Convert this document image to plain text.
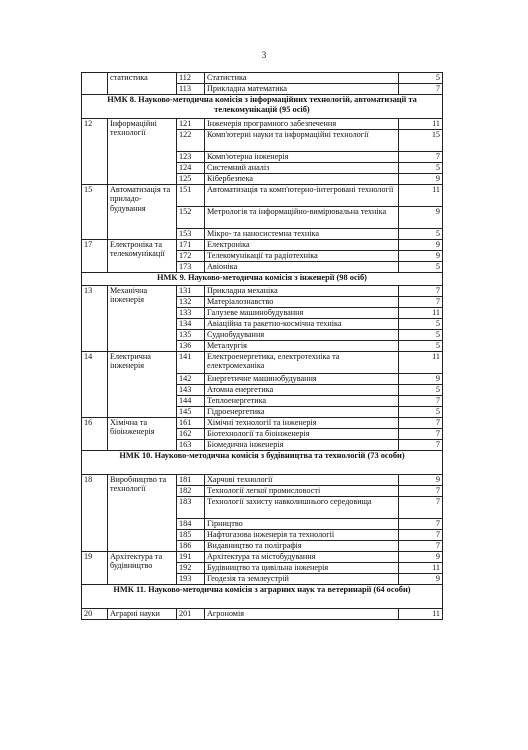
3
	статистика	112	Статистика	5
		113	Прикладна математика	7
НМК 8. Науково-методична комісія з інформаційних технологій, автоматизації та телекомунікацій (95 осіб)				
12	Інформаційні технології	121	Інженерія програмного забезпечення	11
		122	Комп'ютерні науки та інформаційні технології	15
		123	Комп'ютерна інженерія	7
		124	Системний аналіз	5
		125	Кібербезпека	9
15	Автоматизація та приладо-будування	151	Автоматизація та комп'ютерно-інтегровані технології	11
		152	Метрологія та інформаційно-вимірювальна техніка	9
		153	Мікро- та наносистемна техніка	5
17	Електроніка та телекомунікації	171	Електроніка	9
		172	Телекомунікації та радіотехніка	9
		173	Авіоніка	5
НМК 9. Науково-методична комісія з інженерії (98 осіб)				
13	Механічна інженерія	131	Прикладна механіка	7
		132	Матеріалознавство	7
		133	Галузеве машинобудування	11
		134	Авіаційна та ракетно-космічна техніка	5
		135	Суднобудування	5
		136	Металургія	5
14	Електрична інженерія	141	Електроенергетика, електротехніка та електромеханіка	11
		142	Енергетичне машинобудування	9
		143	Атомна енергетика	5
		144	Теплоенергетика	7
		145	Гідроенергетика	5
16	Хімічна та біоінженерія	161	Хімічні технології та інженерія	7
		162	Біотехнології та біоінженерія	7
		163	Біомедична інженерія	7
НМК 10. Науково-методична комісія з будівництва та технологій (73 особи)				
18	Виробництво та технології	181	Харчові технології	9
		182	Технології легкої промисловості	7
		183	Технології захисту навколишнього середовища	7
		184	Гірництво	7
		185	Нафтогазова інженерія та технології	7
		186	Видавництво та поліграфія	7
19	Архітектура та будівництво	191	Архітектура та містобудування	9
		192	Будівництво та цивільна інженерія	11
		193	Геодезія та землеустрій	9
НМК 11. Науково-методична комісія з аграрних наук та ветеринарії (64 особи)				
20	Аграрні науки	201	Агрономія	11
